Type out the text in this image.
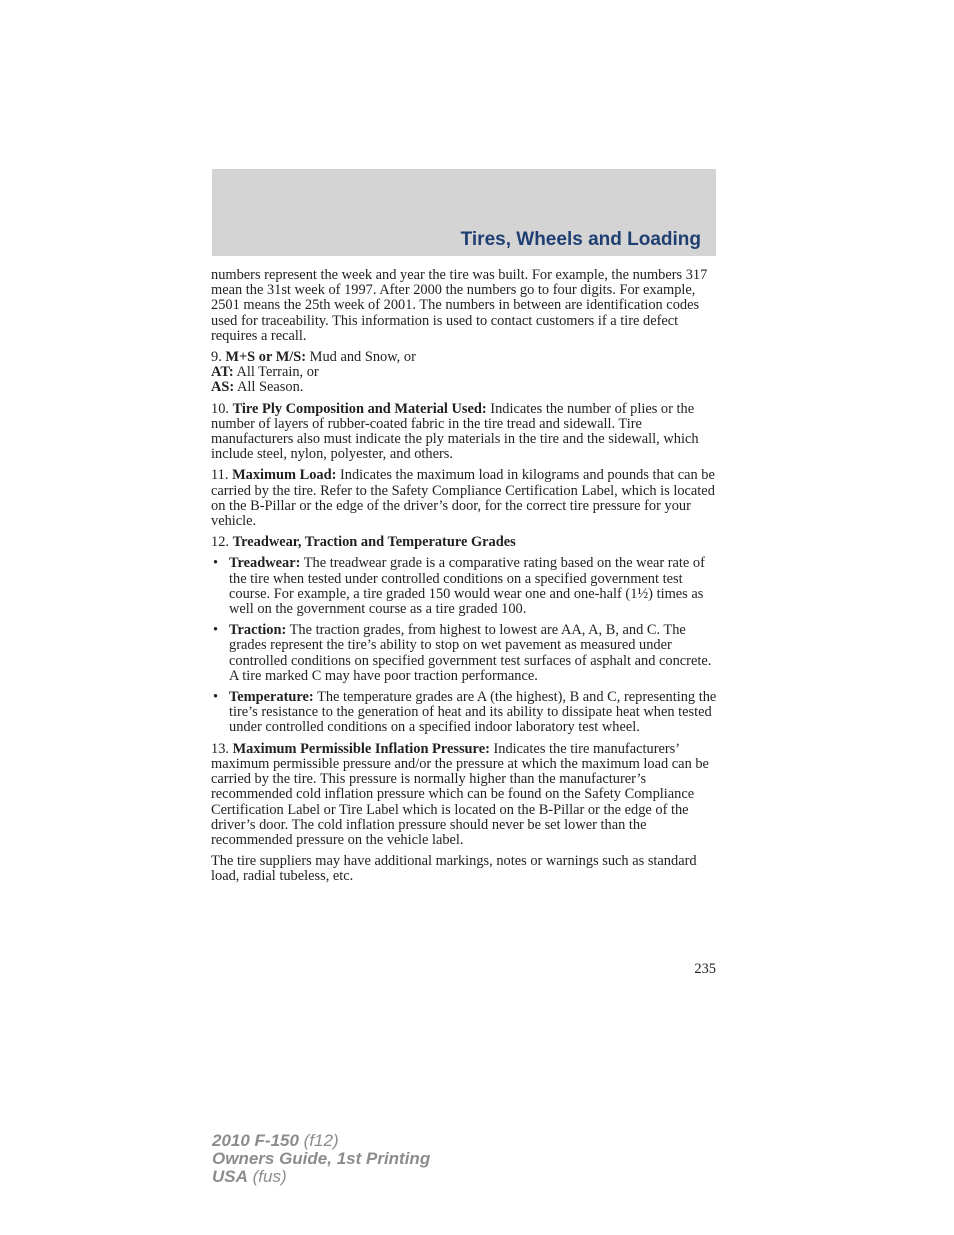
Tires, Wheels and Loading

numbers represent the week and year the tire was built. For example, the numbers 317 mean the 31st week of 1997. After 2000 the numbers go to four digits. For example, 2501 means the 25th week of 2001. The numbers in between are identification codes used for traceability. This information is used to contact customers if a tire defect requires a recall.

9. M+S or M/S: Mud and Snow, or
AT: All Terrain, or
AS: All Season.

10. Tire Ply Composition and Material Used: Indicates the number of plies or the number of layers of rubber-coated fabric in the tire tread and sidewall. Tire manufacturers also must indicate the ply materials in the tire and the sidewall, which include steel, nylon, polyester, and others.

11. Maximum Load: Indicates the maximum load in kilograms and pounds that can be carried by the tire. Refer to the Safety Compliance Certification Label, which is located on the B-Pillar or the edge of the driver’s door, for the correct tire pressure for your vehicle.

12. Treadwear, Traction and Temperature Grades

• Treadwear: The treadwear grade is a comparative rating based on the wear rate of the tire when tested under controlled conditions on a specified government test course. For example, a tire graded 150 would wear one and one-half (1½) times as well on the government course as a tire graded 100.
• Traction: The traction grades, from highest to lowest are AA, A, B, and C. The grades represent the tire’s ability to stop on wet pavement as measured under controlled conditions on specified government test surfaces of asphalt and concrete. A tire marked C may have poor traction performance.
• Temperature: The temperature grades are A (the highest), B and C, representing the tire’s resistance to the generation of heat and its ability to dissipate heat when tested under controlled conditions on a specified indoor laboratory test wheel.

13. Maximum Permissible Inflation Pressure: Indicates the tire manufacturers’ maximum permissible pressure and/or the pressure at which the maximum load can be carried by the tire. This pressure is normally higher than the manufacturer’s recommended cold inflation pressure which can be found on the Safety Compliance Certification Label or Tire Label which is located on the B-Pillar or the edge of the driver’s door. The cold inflation pressure should never be set lower than the recommended pressure on the vehicle label.

The tire suppliers may have additional markings, notes or warnings such as standard load, radial tubeless, etc.

235
2010 F-150 (f12)
Owners Guide, 1st Printing
USA (fus)
